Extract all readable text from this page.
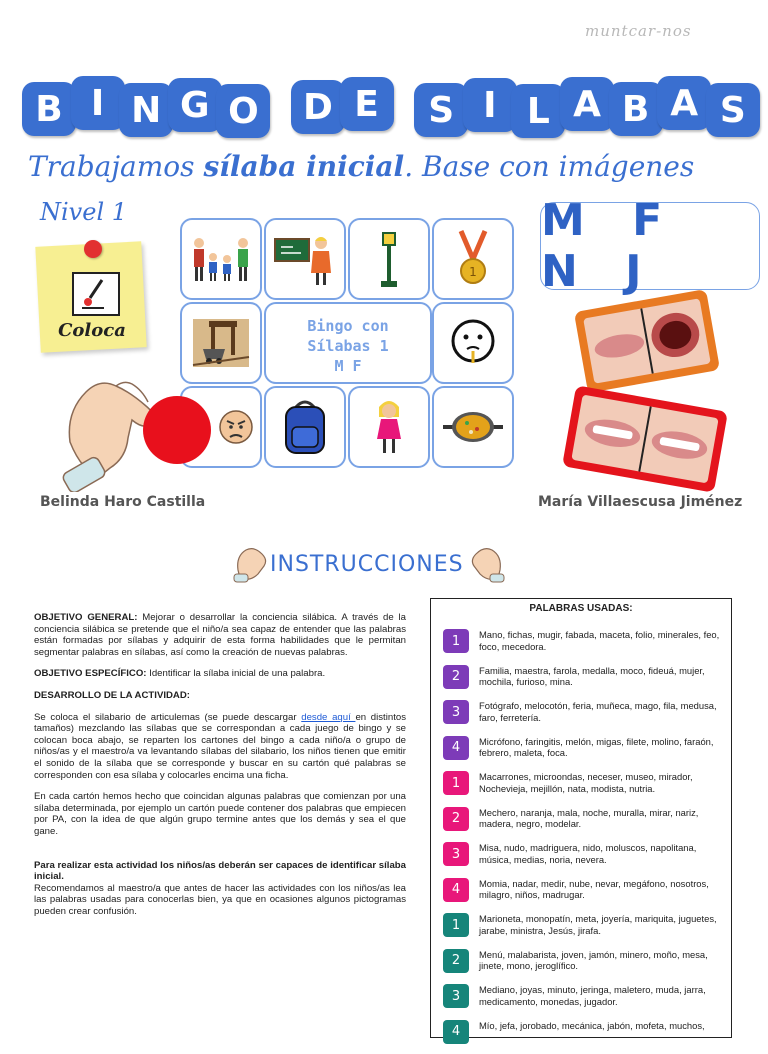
muntcar-nos
B I N G O	D E	S I L A B A S
Trabajamos sílaba inicial. Base con imágenes
Nivel 1
Coloca
1
Bingo con
Sílabas 1
M F
M F N J
Belinda Haro Castilla	María Villaescusa Jiménez
INSTRUCCIONES

OBJETIVO GENERAL: Mejorar o desarrollar la conciencia silábica. A través de la conciencia silábica se pretende que el niño/a sea capaz de entender que las palabras están formadas por sílabas y adquirir de esta forma habilidades que le permitan segmentar palabras en sílabas, así como la creación de nuevas palabras.

OBJETIVO ESPECÍFICO: Identificar la sílaba inicial de una palabra.

DESARROLLO DE LA ACTIVIDAD:

Se coloca el silabario de articulemas (se puede descargar desde aquí en distintos tamaños) mezclando las sílabas que se correspondan a cada juego de bingo y se colocan boca abajo, se reparten los cartones del bingo a cada niño/a o grupo de niños/as y el maestro/a va levantando sílabas del silabario, los niños tienen que emitir el sonido de la sílaba que se corresponde y buscar en su cartón qué palabras se corresponden con esa sílaba y colocarles encima una ficha.

En cada cartón hemos hecho que coincidan algunas palabras que comienzan por una sílaba determinada, por ejemplo un cartón puede contener dos palabras que empiecen por PA, con la idea de que algún grupo termine antes que los demás y sea el que gane.

Para realizar esta actividad los niños/as deberán ser capaces de identificar sílaba inicial.
Recomendamos al maestro/a que antes de hacer las actividades con los niños/as lea las palabras usadas para conocerlas bien, ya que en ocasiones algunos pictogramas pueden crear confusión.

PALABRAS USADAS:
1	Mano, fichas, mugir, fabada, maceta, folio, minerales, feo, foco, mecedora.
2	Familia, maestra, farola, medalla, moco, fideuá, mujer, mochila, furioso, mina.
3	Fotógrafo, melocotón, feria, muñeca, mago, fila, medusa, faro, ferretería.
4	Micrófono, faringitis, melón, migas, filete, molino, faraón, febrero, maleta, foca.
1	Macarrones, microondas, neceser, museo, mirador, Nochevieja, mejillón, nata, modista, nutria.
2	Mechero, naranja, mala, noche, muralla, mirar, nariz, madera, negro, modelar.
3	Misa, nudo, madriguera, nido, moluscos, napolitana, música, medias, noria, nevera.
4	Momia, nadar, medir, nube, nevar, megáfono, nosotros, milagro, niños, madrugar.
1	Marioneta, monopatín, meta, joyería, mariquita, juguetes, jarabe, ministra, Jesús, jirafa.
2	Menú, malabarista, joven, jamón, minero, moño, mesa, jinete, mono, jeroglífico.
3	Mediano, joyas, minuto, jeringa, maletero, muda, jarra, medicamento, monedas, jugador.
4	Mío, jefa, jorobado, mecánica, jabón, mofeta, muchos,
